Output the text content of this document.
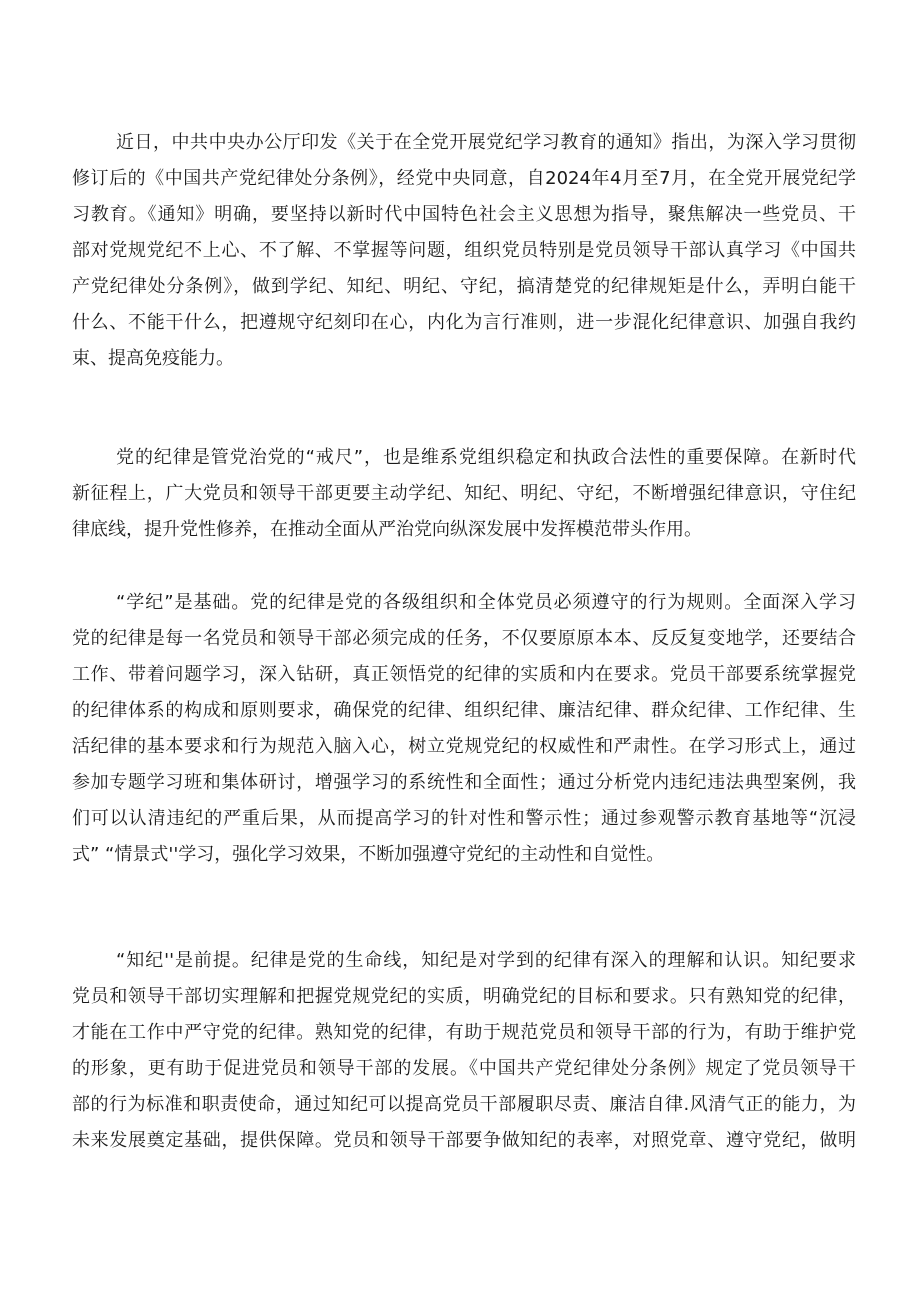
近日，中共中央办公厅印发《关于在全党开展党纪学习教育的通知》指出，为深入学习贯彻
修订后的《中国共产党纪律处分条例》，经党中央同意，自2024年4月至7月，在全党开展党纪学
习教育。《通知》明确，要坚持以新时代中国特色社会主义思想为指导，聚焦解决一些党员、干
部对党规党纪不上心、不了解、不掌握等问题，组织党员特别是党员领导干部认真学习《中国共
产党纪律处分条例》，做到学纪、知纪、明纪、守纪，搞清楚党的纪律规矩是什么，弄明白能干
什么、不能干什么，把遵规守纪刻印在心，内化为言行准则，进一步混化纪律意识、加强自我约
束、提高免疫能力。
党的纪律是管党治党的“戒尺”，也是维系党组织稳定和执政合法性的重要保障。在新时代
新征程上，广大党员和领导干部更要主动学纪、知纪、明纪、守纪，不断增强纪律意识，守住纪
律底线，提升党性修养，在推动全面从严治党向纵深发展中发挥模范带头作用。
“学纪”是基础。党的纪律是党的各级组织和全体党员必须遵守的行为规则。全面深入学习
党的纪律是每一名党员和领导干部必须完成的任务，不仅要原原本本、反反复变地学，还要结合
工作、带着问题学习，深入钻研，真正领悟党的纪律的实质和内在要求。党员干部要系统掌握党
的纪律体系的构成和原则要求，确保党的纪律、组织纪律、廉洁纪律、群众纪律、工作纪律、生
活纪律的基本要求和行为规范入脑入心，树立党规党纪的权威性和严肃性。在学习形式上，通过
参加专题学习班和集体研讨，增强学习的系统性和全面性；通过分析党内违纪违法典型案例，我
们可以认清违纪的严重后果，从而提高学习的针对性和警示性；通过参观警示教育基地等“沉浸
式” “情景式''学习，强化学习效果，不断加强遵守党纪的主动性和自觉性。
“知纪''是前提。纪律是党的生命线，知纪是对学到的纪律有深入的理解和认识。知纪要求
党员和领导干部切实理解和把握党规党纪的实质，明确党纪的目标和要求。只有熟知党的纪律，
才能在工作中严守党的纪律。熟知党的纪律，有助于规范党员和领导干部的行为，有助于维护党
的形象，更有助于促进党员和领导干部的发展。《中国共产党纪律处分条例》规定了党员领导干
部的行为标准和职责使命，通过知纪可以提高党员干部履职尽责、廉洁自律.风清气正的能力，为
未来发展奠定基础，提供保障。党员和领导干部要争做知纪的表率，对照党章、遵守党纪，做明
